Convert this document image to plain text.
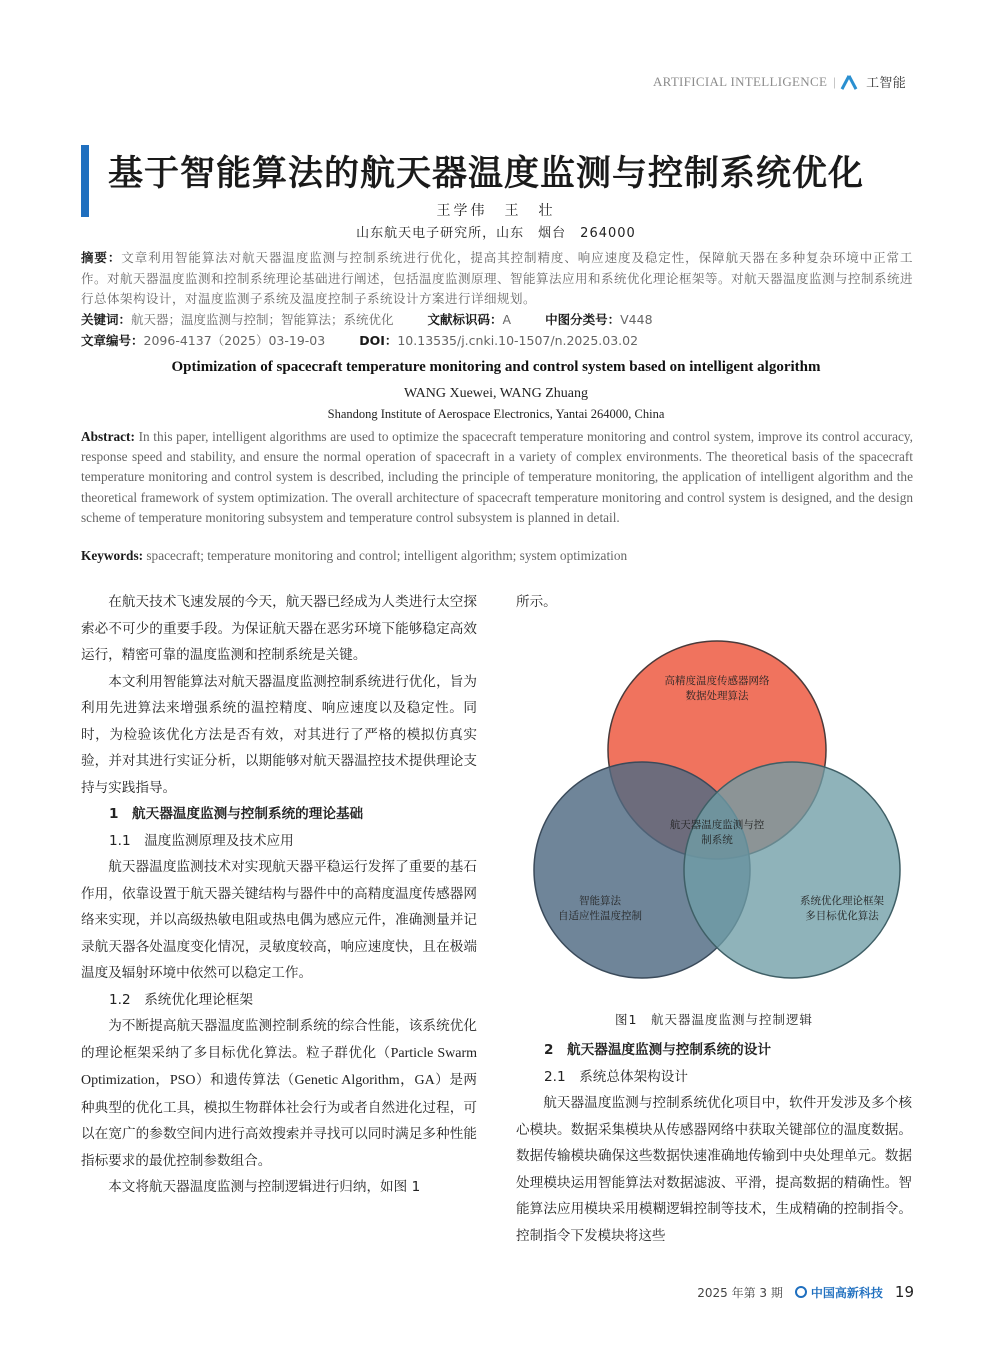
ARTIFICIAL INTELLIGENCE | 工智能
基于智能算法的航天器温度监测与控制系统优化
王学伟　王　壮
山东航天电子研究所，山东　烟台　264000
摘要：文章利用智能算法对航天器温度监测与控制系统进行优化，提高其控制精度、响应速度及稳定性，保障航天器在多种复杂环境中正常工作。对航天器温度监测和控制系统理论基础进行阐述，包括温度监测原理、智能算法应用和系统优化理论框架等。对航天器温度监测与控制系统进行总体架构设计，对温度监测子系统及温度控制子系统设计方案进行详细规划。
关键词：航天器；温度监测与控制；智能算法；系统优化	文献标识码：A	中图分类号：V448
文章编号：2096-4137（2025）03-19-03	DOI：10.13535/j.cnki.10-1507/n.2025.03.02
Optimization of spacecraft temperature monitoring and control system based on intelligent algorithm
WANG Xuewei, WANG Zhuang
Shandong Institute of Aerospace Electronics, Yantai 264000, China
Abstract: In this paper, intelligent algorithms are used to optimize the spacecraft temperature monitoring and control system, improve its control accuracy, response speed and stability, and ensure the normal operation of spacecraft in a variety of complex environments. The theoretical basis of the spacecraft temperature monitoring and control system is described, including the principle of temperature monitoring, the application of intelligent algorithm and the theoretical framework of system optimization. The overall architecture of spacecraft temperature monitoring and control system is designed, and the design scheme of temperature monitoring subsystem and temperature control subsystem is planned in detail.
Keywords: spacecraft; temperature monitoring and control; intelligent algorithm; system optimization

在航天技术飞速发展的今天，航天器已经成为人类进行太空探索必不可少的重要手段。为保证航天器在恶劣环境下能够稳定高效运行，精密可靠的温度监测和控制系统是关键。

本文利用智能算法对航天器温度监测控制系统进行优化，旨为利用先进算法来增强系统的温控精度、响应速度以及稳定性。同时，为检验该优化方法是否有效，对其进行了严格的模拟仿真实验，并对其进行实证分析，以期能够对航天器温控技术提供理论支持与实践指导。

1　航天器温度监测与控制系统的理论基础

1.1　温度监测原理及技术应用

航天器温度监测技术对实现航天器平稳运行发挥了重要的基石作用，依靠设置于航天器关键结构与器件中的高精度温度传感器网络来实现，并以高级热敏电阻或热电偶为感应元件，准确测量并记录航天器各处温度变化情况，灵敏度较高，响应速度快，且在极端温度及辐射环境中依然可以稳定工作。

1.2　系统优化理论框架

为不断提高航天器温度监测控制系统的综合性能，该系统优化的理论框架采纳了多目标优化算法。粒子群优化（Particle Swarm Optimization，PSO）和遗传算法（Genetic Algorithm，GA）是两种典型的优化工具，模拟生物群体社会行为或者自然进化过程，可以在宽广的参数空间内进行高效搜索并寻找可以同时满足多种性能指标要求的最优控制参数组合。

本文将航天器温度监测与控制逻辑进行归纳，如图 1

所示。

高精度温度传感器网络
数据处理算法
航天器温度监测与控
制系统
智能算法
自适应性温度控制
系统优化理论框架
多目标优化算法
图1　航天器温度监测与控制逻辑

2　航天器温度监测与控制系统的设计

2.1　系统总体架构设计

航天器温度监测与控制系统优化项目中，软件开发涉及多个核心模块。数据采集模块从传感器网络中获取关键部位的温度数据。数据传输模块确保这些数据快速准确地传输到中央处理单元。数据处理模块运用智能算法对数据滤波、平滑，提高数据的精确性。智能算法应用模块采用模糊逻辑控制等技术，生成精确的控制指令。控制指令下发模块将这些

2025 年第 3 期 中国高新科技 19
